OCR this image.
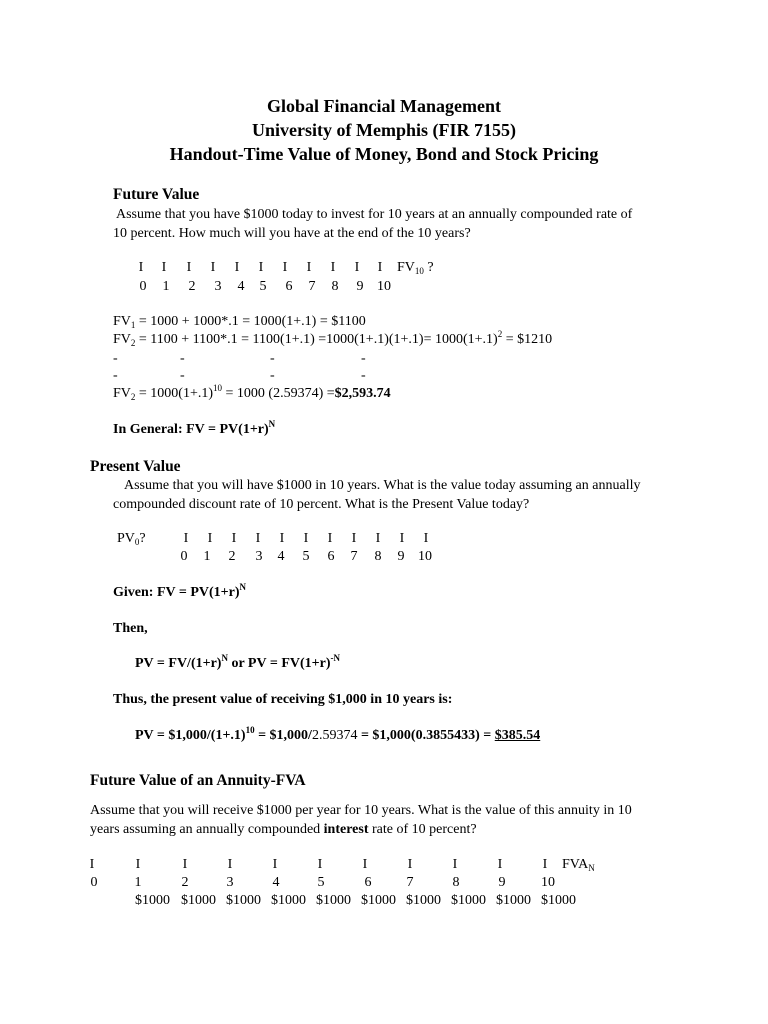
Global Financial Management
University of Memphis (FIR 7155)
Handout-Time Value of Money, Bond and Stock Pricing
Future Value
Assume that you have $1000 today to invest for 10 years at an annually compounded rate of
10 percent. How much will you have at the end of the 10 years?
I I I I I I I I I I I
0 1 2 3 4 5 6 7 8 9 10
$FV_{10}$ ?
$FV_1 = 1000 + 1000*.1 = 1000(1+.1)$ = $1100
$FV_2 = 1100 + 1100*.1 = 1100(1+.1) =1000(1+.1)(1+.1)= 1000(1+.1)^2$ = $1210
-	-	-	-
-	-	-	-
$FV_2 = 1000(1+.1)^{10} = 1000$ (2.59374) =$2,593.74
In General: FV = $PV(1+r)^N$
Present Value
Assume that you will have $1000 in 10 years. What is the value today assuming an annually
compounded discount rate of 10 percent. What is the Present Value today?
$PV_0$?	I I I I I I I I I I I
0 1 2 3 4 5 6 7 8 9 10
Given: FV = $PV(1+r)^N$
Then,
PV = $FV/(1+r)^N$ or PV = $FV(1+r)^{-N}$
Thus, the present value of receiving $1,000 in 10 years is:
PV = $\$1,000/(1+.1)^{10}$ = $1,000/2.59374 = $1,000(0.3855433) = $385.54
Future Value of an Annuity-FVA
Assume that you will receive $1000 per year for 10 years. What is the value of this annuity in 10
years assuming an annually compounded interest rate of 10 percent?
I	I	I	I	I	I	I	I	I	I	I
0	1	2	3	4	5	6	7	8	9	10
$FVA_N$
$1000 $1000 $1000 $1000 $1000 $1000 $1000 $1000 $1000 $1000
